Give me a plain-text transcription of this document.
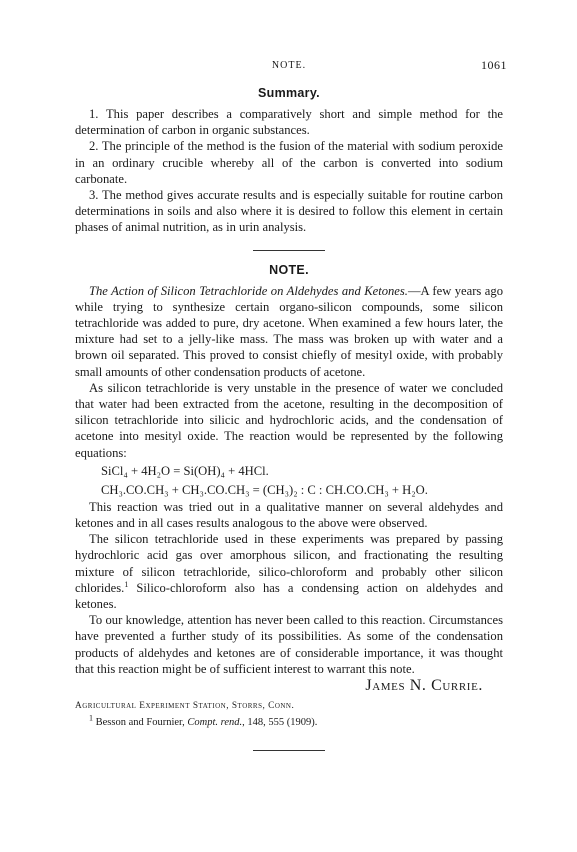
NOTE.	1061
Summary.

1. This paper describes a comparatively short and simple method for the determination of carbon in organic substances.

2. The principle of the method is the fusion of the material with sodium peroxide in an ordinary crucible whereby all of the carbon is converted into sodium carbonate.

3. The method gives accurate results and is especially suitable for routine carbon determinations in soils and also where it is desired to follow this element in certain phases of animal nutrition, as in urin analysis.

NOTE.

The Action of Silicon Tetrachloride on Aldehydes and Ketones.—A few years ago while trying to synthesize certain organo-silicon compounds, some silicon tetrachloride was added to pure, dry acetone. When examined a few hours later, the mixture had set to a jelly-like mass. The mass was broken up with water and a brown oil separated. This proved to consist chiefly of mesityl oxide, with probably small amounts of other condensation products of acetone.

As silicon tetrachloride is very unstable in the presence of water we concluded that water had been extracted from the acetone, resulting in the decomposition of silicon tetrachloride into silicic and hydrochloric acids, and the condensation of acetone into mesityl oxide. The reaction would be represented by the following equations:

SiCl₄ + 4H₂O = Si(OH)₄ + 4HCl.
CH₃.CO.CH₃ + CH₃.CO.CH₃ = (CH₃)₂ : C : CH.CO.CH₃ + H₂O.

This reaction was tried out in a qualitative manner on several aldehydes and ketones and in all cases results analogous to the above were observed.

The silicon tetrachloride used in these experiments was prepared by passing hydrochloric acid gas over amorphous silicon, and fractionating the resulting mixture of silicon tetrachloride, silico-chloroform and probably other silicon chlorides.$^1$ Silico-chloroform also has a condensing action on aldehydes and ketones.

To our knowledge, attention has never been called to this reaction. Circumstances have prevented a further study of its possibilities. As some of the condensation products of aldehydes and ketones are of considerable importance, it was thought that this reaction might be of sufficient interest to warrant this note.

James N. Currie.
Agricultural Experiment Station, Storrs, Conn.
$^1$ Besson and Fournier, Compt. rend., 148, 555 (1909).
